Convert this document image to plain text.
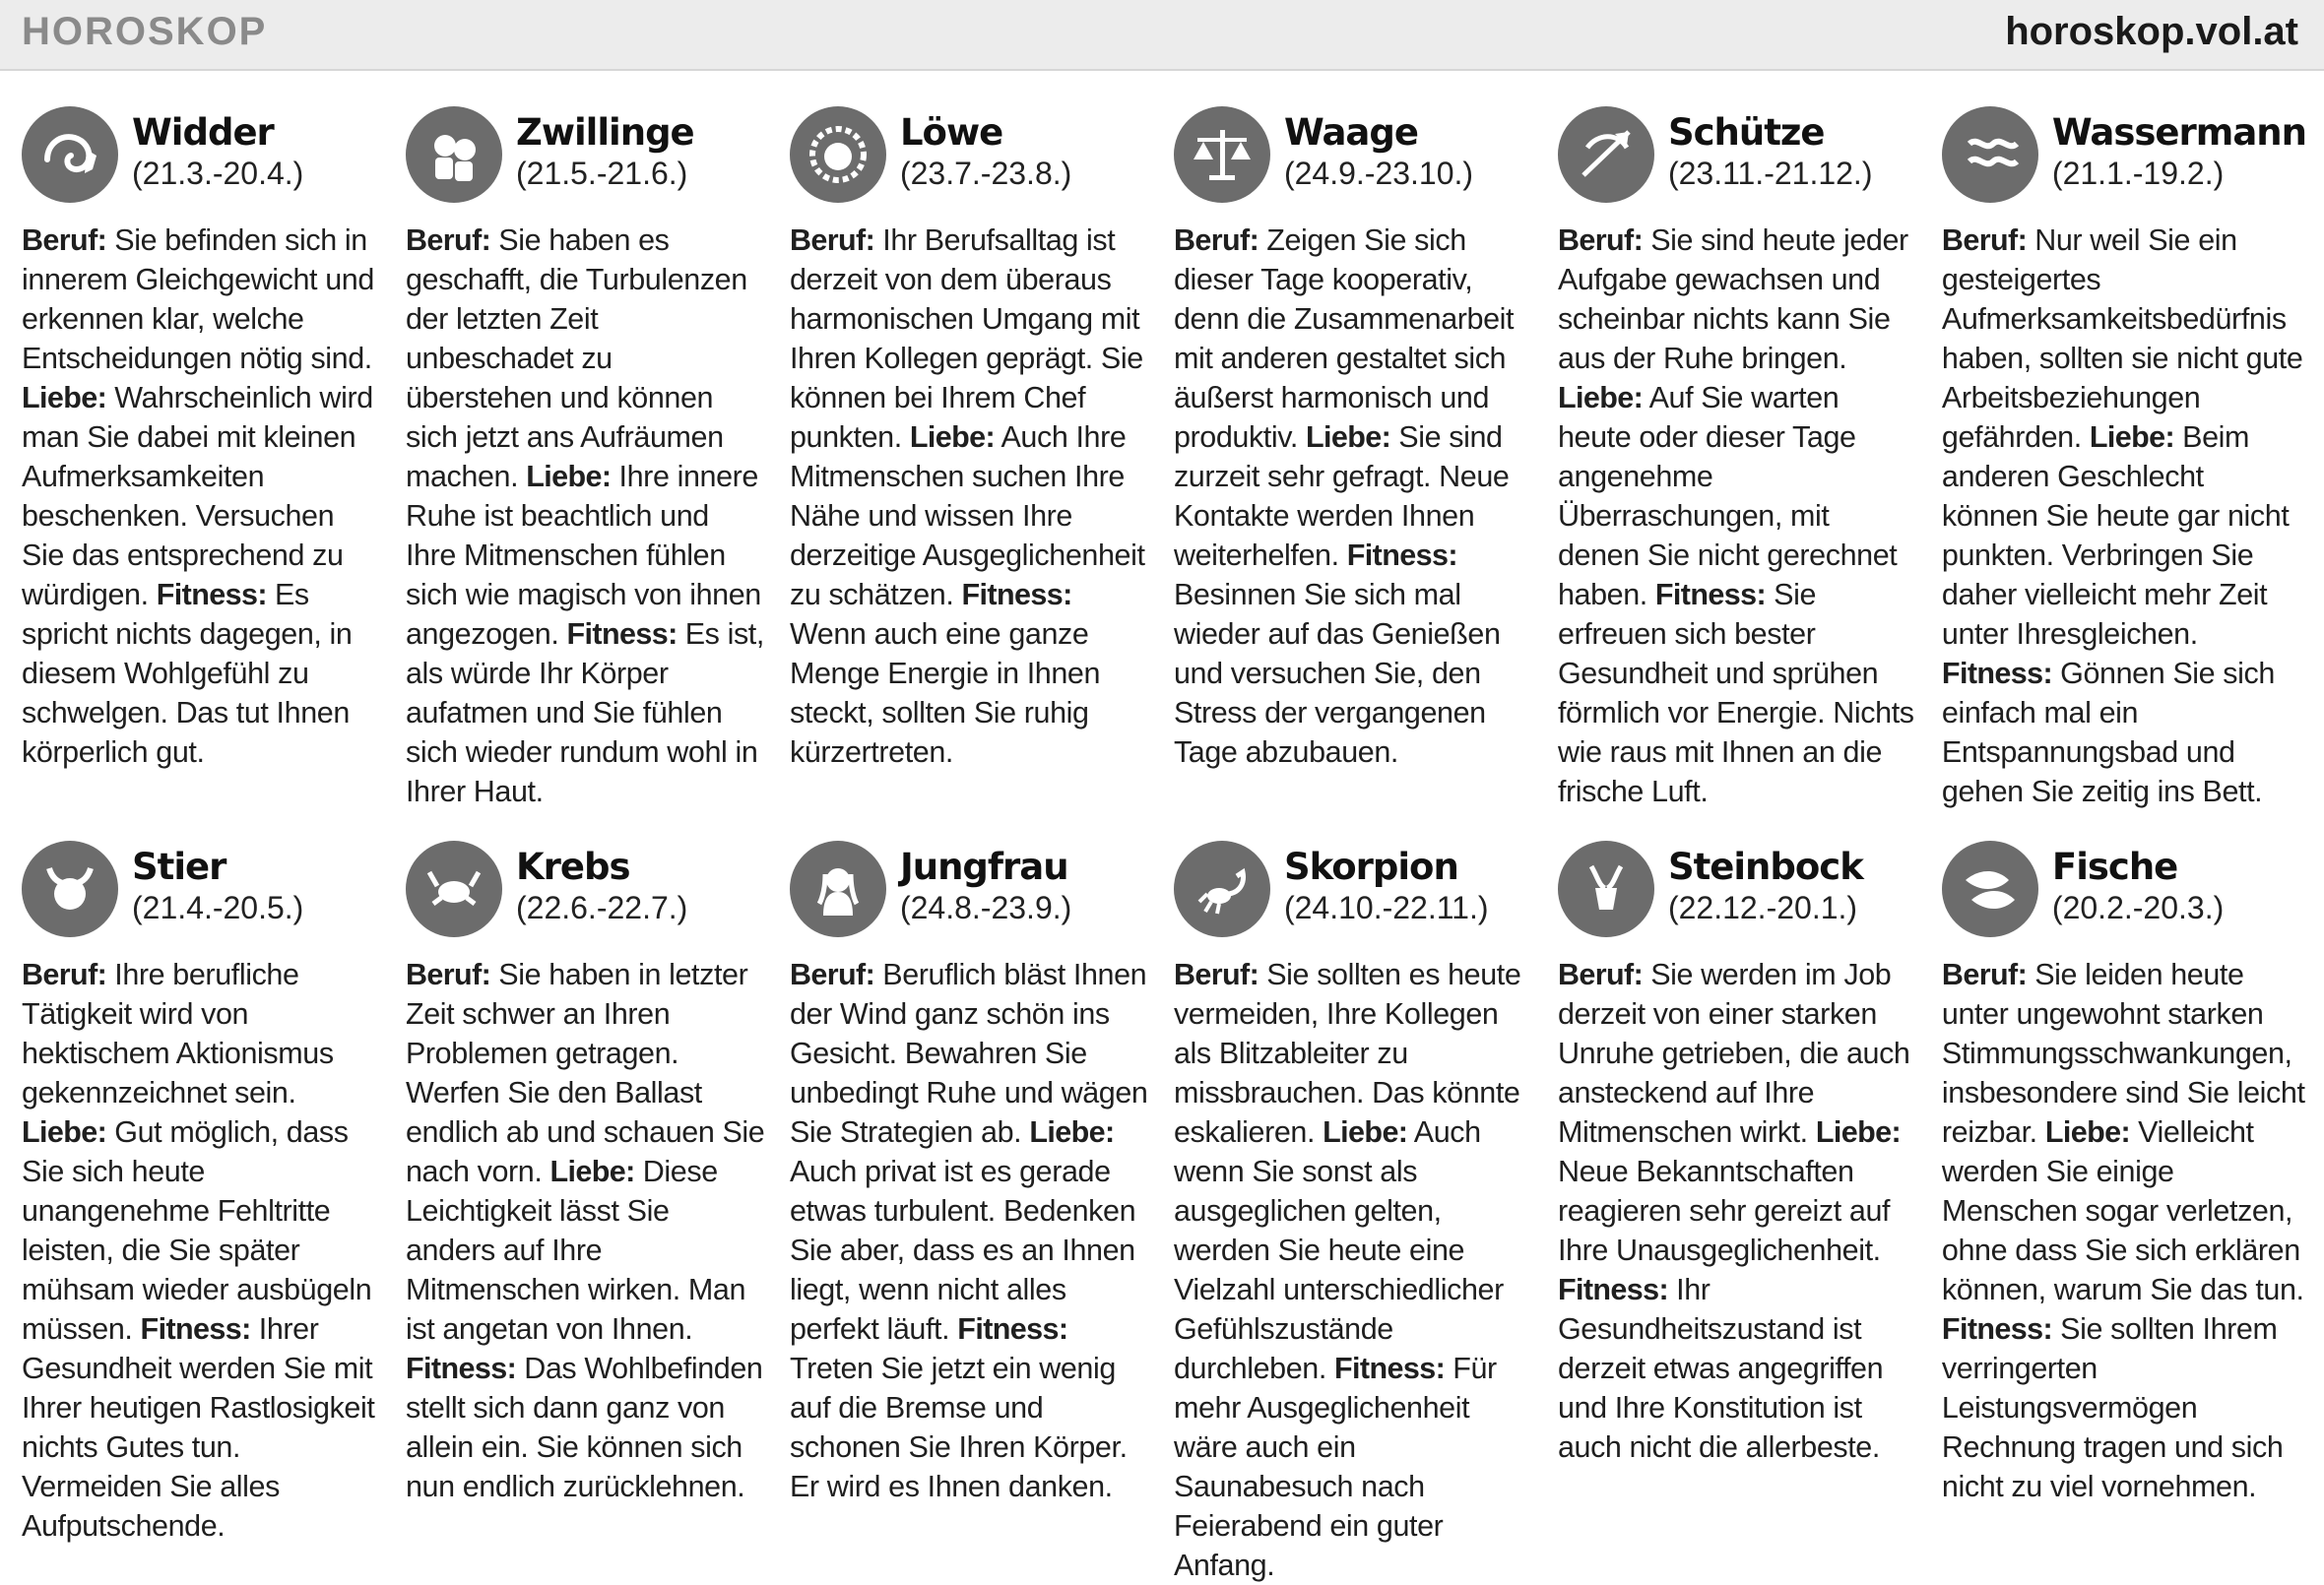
HOROSKOP	horoskop.vol.at
Widder
(21.3.-20.4.)
Beruf: Sie befinden sich in innerem Gleichgewicht und erkennen klar, welche Entscheidungen nötig sind. Liebe: Wahrscheinlich wird man Sie dabei mit kleinen Aufmerksamkeiten beschenken. Versuchen Sie das entsprechend zu würdigen. Fitness: Es spricht nichts dagegen, in diesem Wohlgefühl zu schwelgen. Das tut Ihnen körperlich gut.
Zwillinge
(21.5.-21.6.)
Beruf: Sie haben es geschafft, die Turbulenzen der letzten Zeit unbeschadet zu überstehen und können sich jetzt ans Aufräumen machen. Liebe: Ihre innere Ruhe ist beachtlich und Ihre Mitmenschen fühlen sich wie magisch von ihnen angezogen. Fitness: Es ist, als würde Ihr Körper aufatmen und Sie fühlen sich wieder rundum wohl in Ihrer Haut.
Löwe
(23.7.-23.8.)
Beruf: Ihr Berufsalltag ist derzeit von dem überaus harmonischen Umgang mit Ihren Kollegen geprägt. Sie können bei Ihrem Chef punkten. Liebe: Auch Ihre Mitmenschen suchen Ihre Nähe und wissen Ihre derzeitige Ausgeglichenheit zu schätzen. Fitness: Wenn auch eine ganze Menge Energie in Ihnen steckt, sollten Sie ruhig kürzertreten.
Waage
(24.9.-23.10.)
Beruf: Zeigen Sie sich dieser Tage kooperativ, denn die Zusammenarbeit mit anderen gestaltet sich äußerst harmonisch und produktiv. Liebe: Sie sind zurzeit sehr gefragt. Neue Kontakte werden Ihnen weiterhelfen. Fitness: Besinnen Sie sich mal wieder auf das Genießen und versuchen Sie, den Stress der vergangenen Tage abzubauen.
Schütze
(23.11.-21.12.)
Beruf: Sie sind heute jeder Aufgabe gewachsen und scheinbar nichts kann Sie aus der Ruhe bringen. Liebe: Auf Sie warten heute oder dieser Tage angenehme Überraschungen, mit denen Sie nicht gerechnet haben. Fitness: Sie erfreuen sich bester Gesundheit und sprühen förmlich vor Energie. Nichts wie raus mit Ihnen an die frische Luft.
Wassermann
(21.1.-19.2.)
Beruf: Nur weil Sie ein gesteigertes Aufmerksamkeitsbedürfnis haben, sollten sie nicht gute Arbeitsbeziehungen gefährden. Liebe: Beim anderen Geschlecht können Sie heute gar nicht punkten. Verbringen Sie daher vielleicht mehr Zeit unter Ihresgleichen. Fitness: Gönnen Sie sich einfach mal ein Entspannungsbad und gehen Sie zeitig ins Bett.
Stier
(21.4.-20.5.)
Beruf: Ihre berufliche Tätigkeit wird von hektischem Aktionismus gekennzeichnet sein. Liebe: Gut möglich, dass Sie sich heute unangenehme Fehltritte leisten, die Sie später mühsam wieder ausbügeln müssen. Fitness: Ihrer Gesundheit werden Sie mit Ihrer heutigen Rastlosigkeit nichts Gutes tun. Vermeiden Sie alles Aufputschende.
Krebs
(22.6.-22.7.)
Beruf: Sie haben in letzter Zeit schwer an Ihren Problemen getragen. Werfen Sie den Ballast endlich ab und schauen Sie nach vorn. Liebe: Diese Leichtigkeit lässt Sie anders auf Ihre Mitmenschen wirken. Man ist angetan von Ihnen. Fitness: Das Wohlbefinden stellt sich dann ganz von allein ein. Sie können sich nun endlich zurücklehnen.
Jungfrau
(24.8.-23.9.)
Beruf: Beruflich bläst Ihnen der Wind ganz schön ins Gesicht. Bewahren Sie unbedingt Ruhe und wägen Sie Strategien ab. Liebe: Auch privat ist es gerade etwas turbulent. Bedenken Sie aber, dass es an Ihnen liegt, wenn nicht alles perfekt läuft. Fitness: Treten Sie jetzt ein wenig auf die Bremse und schonen Sie Ihren Körper. Er wird es Ihnen danken.
Skorpion
(24.10.-22.11.)
Beruf: Sie sollten es heute vermeiden, Ihre Kollegen als Blitzableiter zu missbrauchen. Das könnte eskalieren. Liebe: Auch wenn Sie sonst als ausgeglichen gelten, werden Sie heute eine Vielzahl unterschiedlicher Gefühlszustände durchleben. Fitness: Für mehr Ausgeglichenheit wäre auch ein Saunabesuch nach Feierabend ein guter Anfang.
Steinbock
(22.12.-20.1.)
Beruf: Sie werden im Job derzeit von einer starken Unruhe getrieben, die auch ansteckend auf Ihre Mitmenschen wirkt. Liebe: Neue Bekanntschaften reagieren sehr gereizt auf Ihre Unausgeglichenheit. Fitness: Ihr Gesundheitszustand ist derzeit etwas angegriffen und Ihre Konstitution ist auch nicht die allerbeste.
Fische
(20.2.-20.3.)
Beruf: Sie leiden heute unter ungewohnt starken Stimmungsschwankungen, insbesondere sind Sie leicht reizbar. Liebe: Vielleicht werden Sie einige Menschen sogar verletzen, ohne dass Sie sich erklären können, warum Sie das tun. Fitness: Sie sollten Ihrem verringerten Leistungsvermögen Rechnung tragen und sich nicht zu viel vornehmen.
